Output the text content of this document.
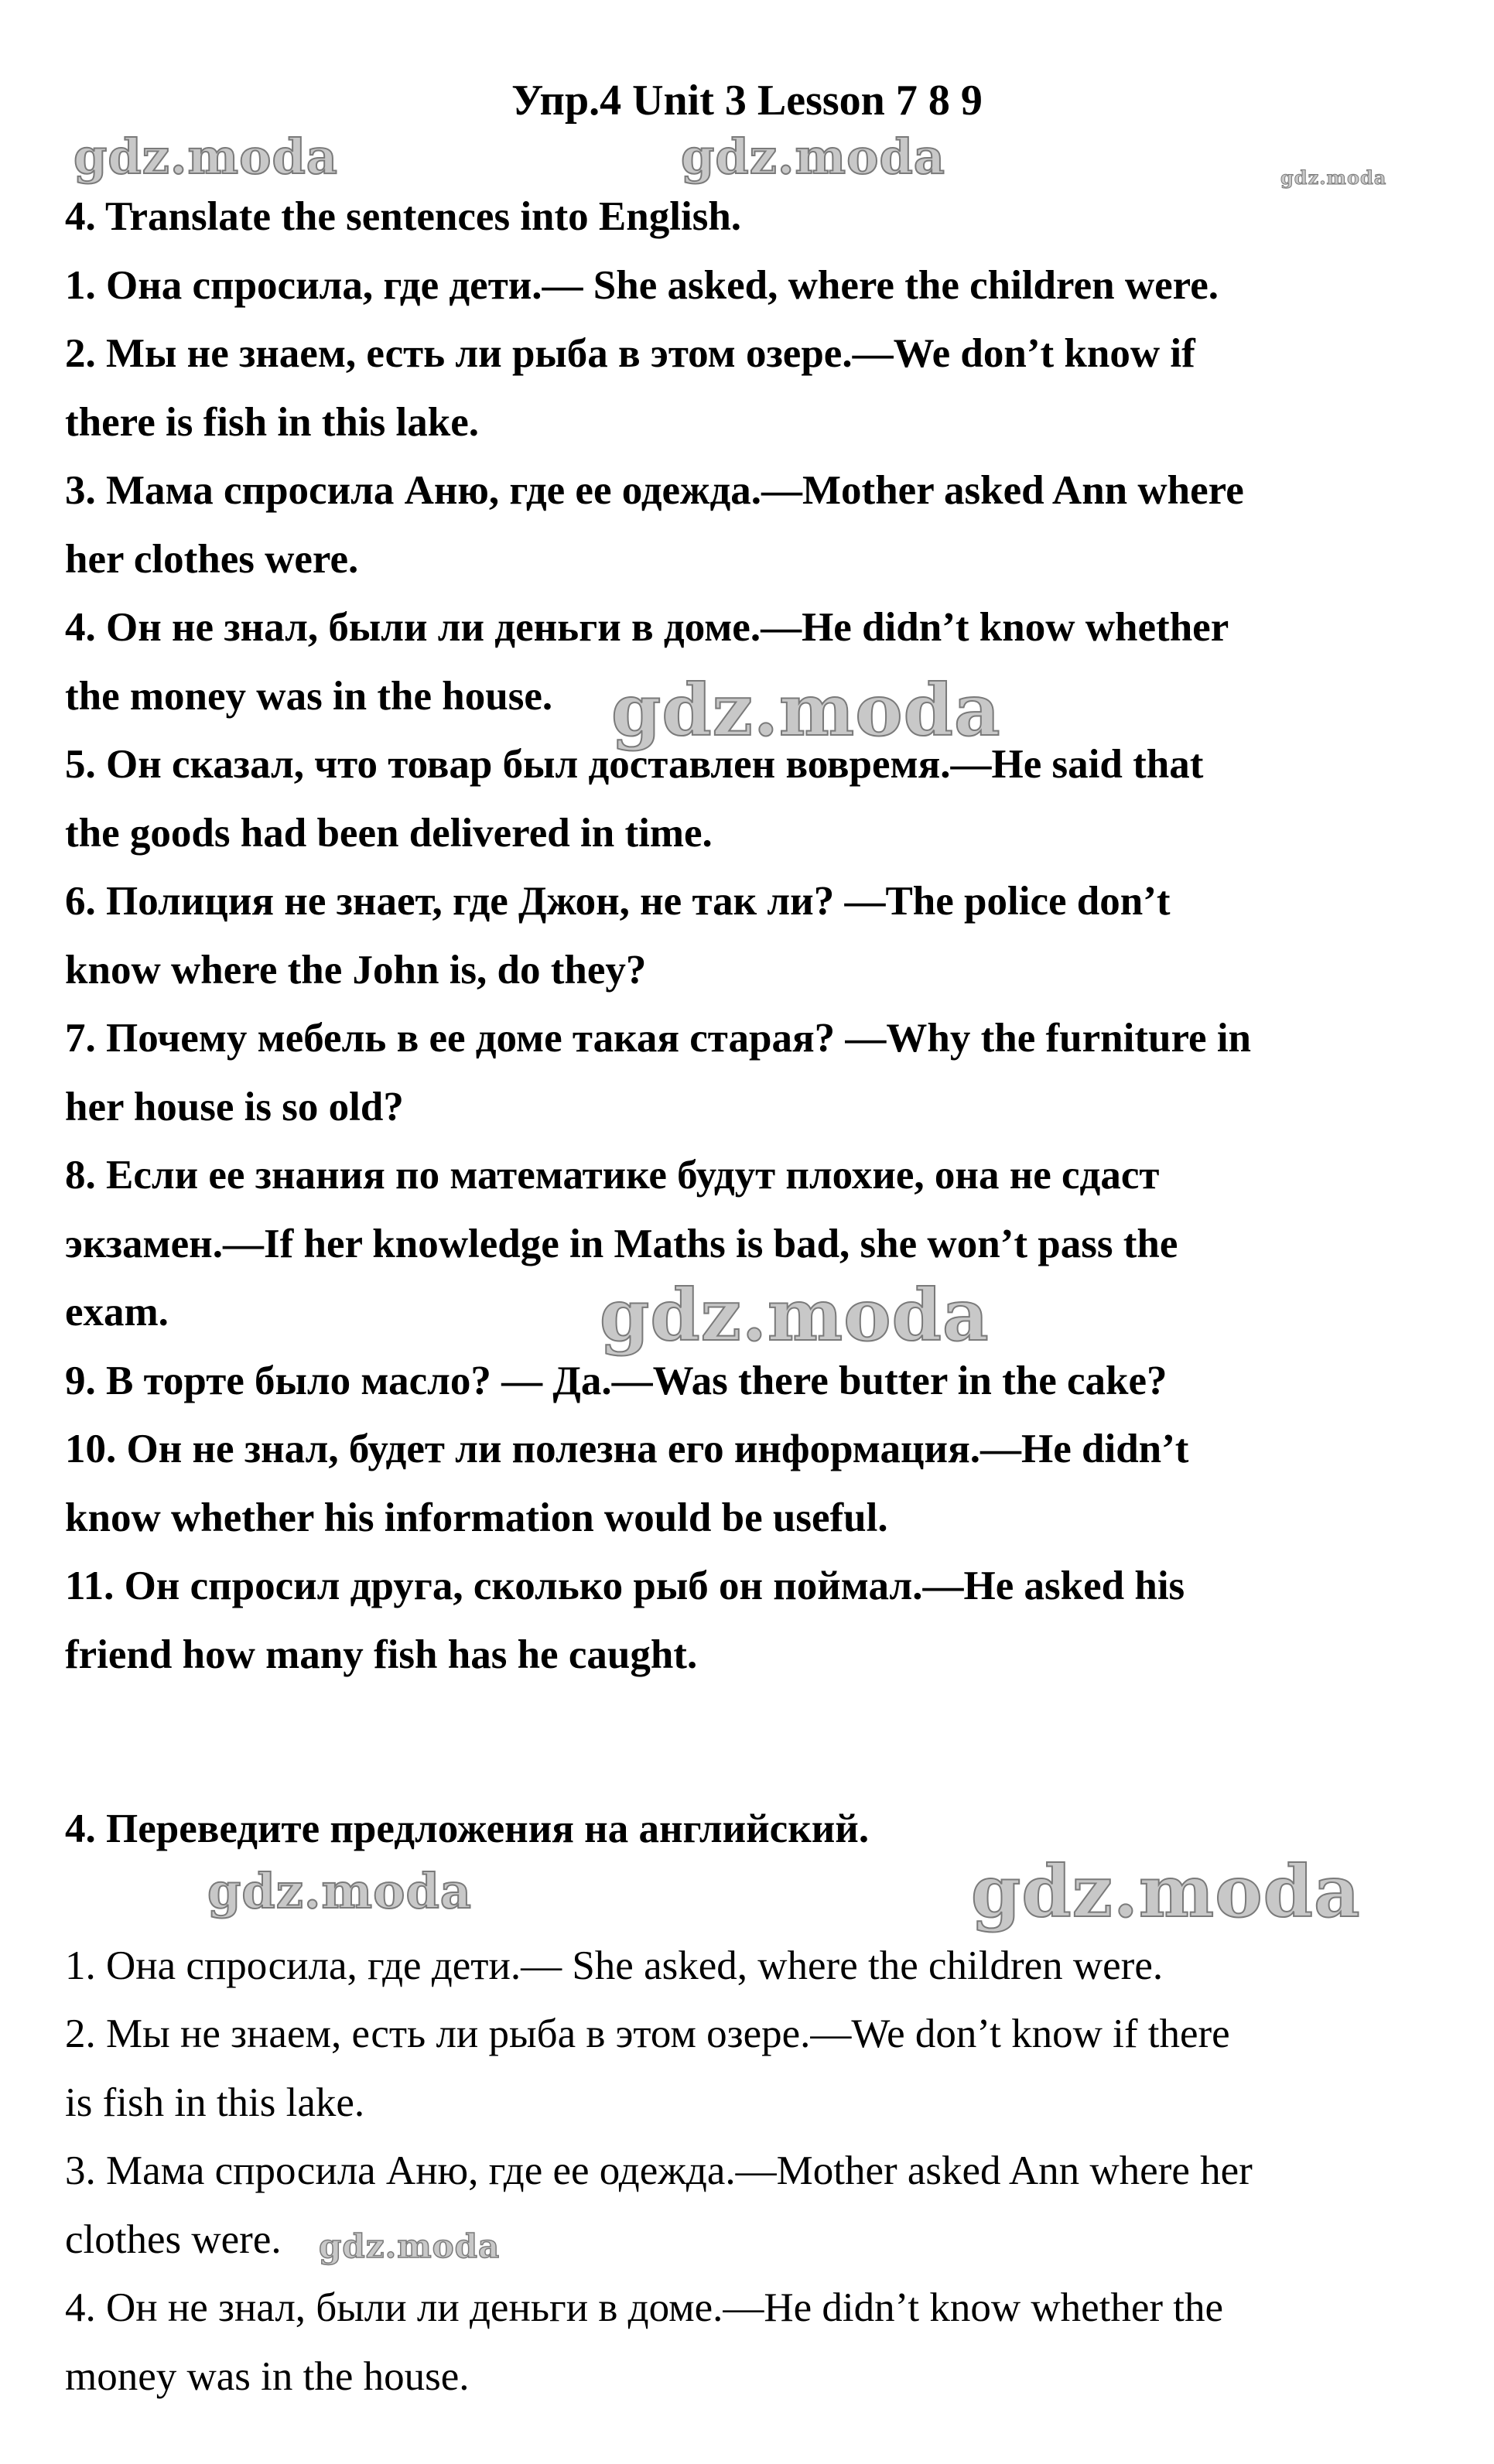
Упр.4 Unit 3 Lesson 7 8 9
4. Translate the sentences into English.
1. Она спросила, где дети.— She asked, where the children were.
2. Мы не знаем, есть ли рыба в этом озере.—We don’t know if
there is fish in this lake.
3. Мама спросила Аню, где ее одежда.—Mother asked Ann where
her clothes were.
4. Он не знал, были ли деньги в доме.—He didn’t know whether
the money was in the house.
5. Он сказал, что товар был доставлен вовремя.—He said that
the goods had been delivered in time.
6. Полиция не знает, где Джон, не так ли? —The police don’t
know where the John is, do they?
7. Почему мебель в ее доме такая старая? —Why the furniture in
her house is so old?
8. Если ее знания по математике будут плохие, она не сдаст
экзамен.—If her knowledge in Maths is bad, she won’t pass the
exam.
9. В торте было масло? — Да.—Was there butter in the cake?
10. Он не знал, будет ли полезна его информация.—He didn’t
know whether his information would be useful.
11. Он спросил друга, сколько рыб он поймал.—He asked his
friend how many fish has he caught.
4. Переведите предложения на английский.
1. Она спросила, где дети.— She asked, where the children were.
2. Мы не знаем, есть ли рыба в этом озере.—We don’t know if there
is fish in this lake.
3. Мама спросила Аню, где ее одежда.—Mother asked Ann where her
clothes were.
4. Он не знал, были ли деньги в доме.—He didn’t know whether the
money was in the house.
gdz.moda	gdz.moda	gdz.moda
gdz.moda
gdz.moda
gdz.moda	gdz.moda
gdz.moda
